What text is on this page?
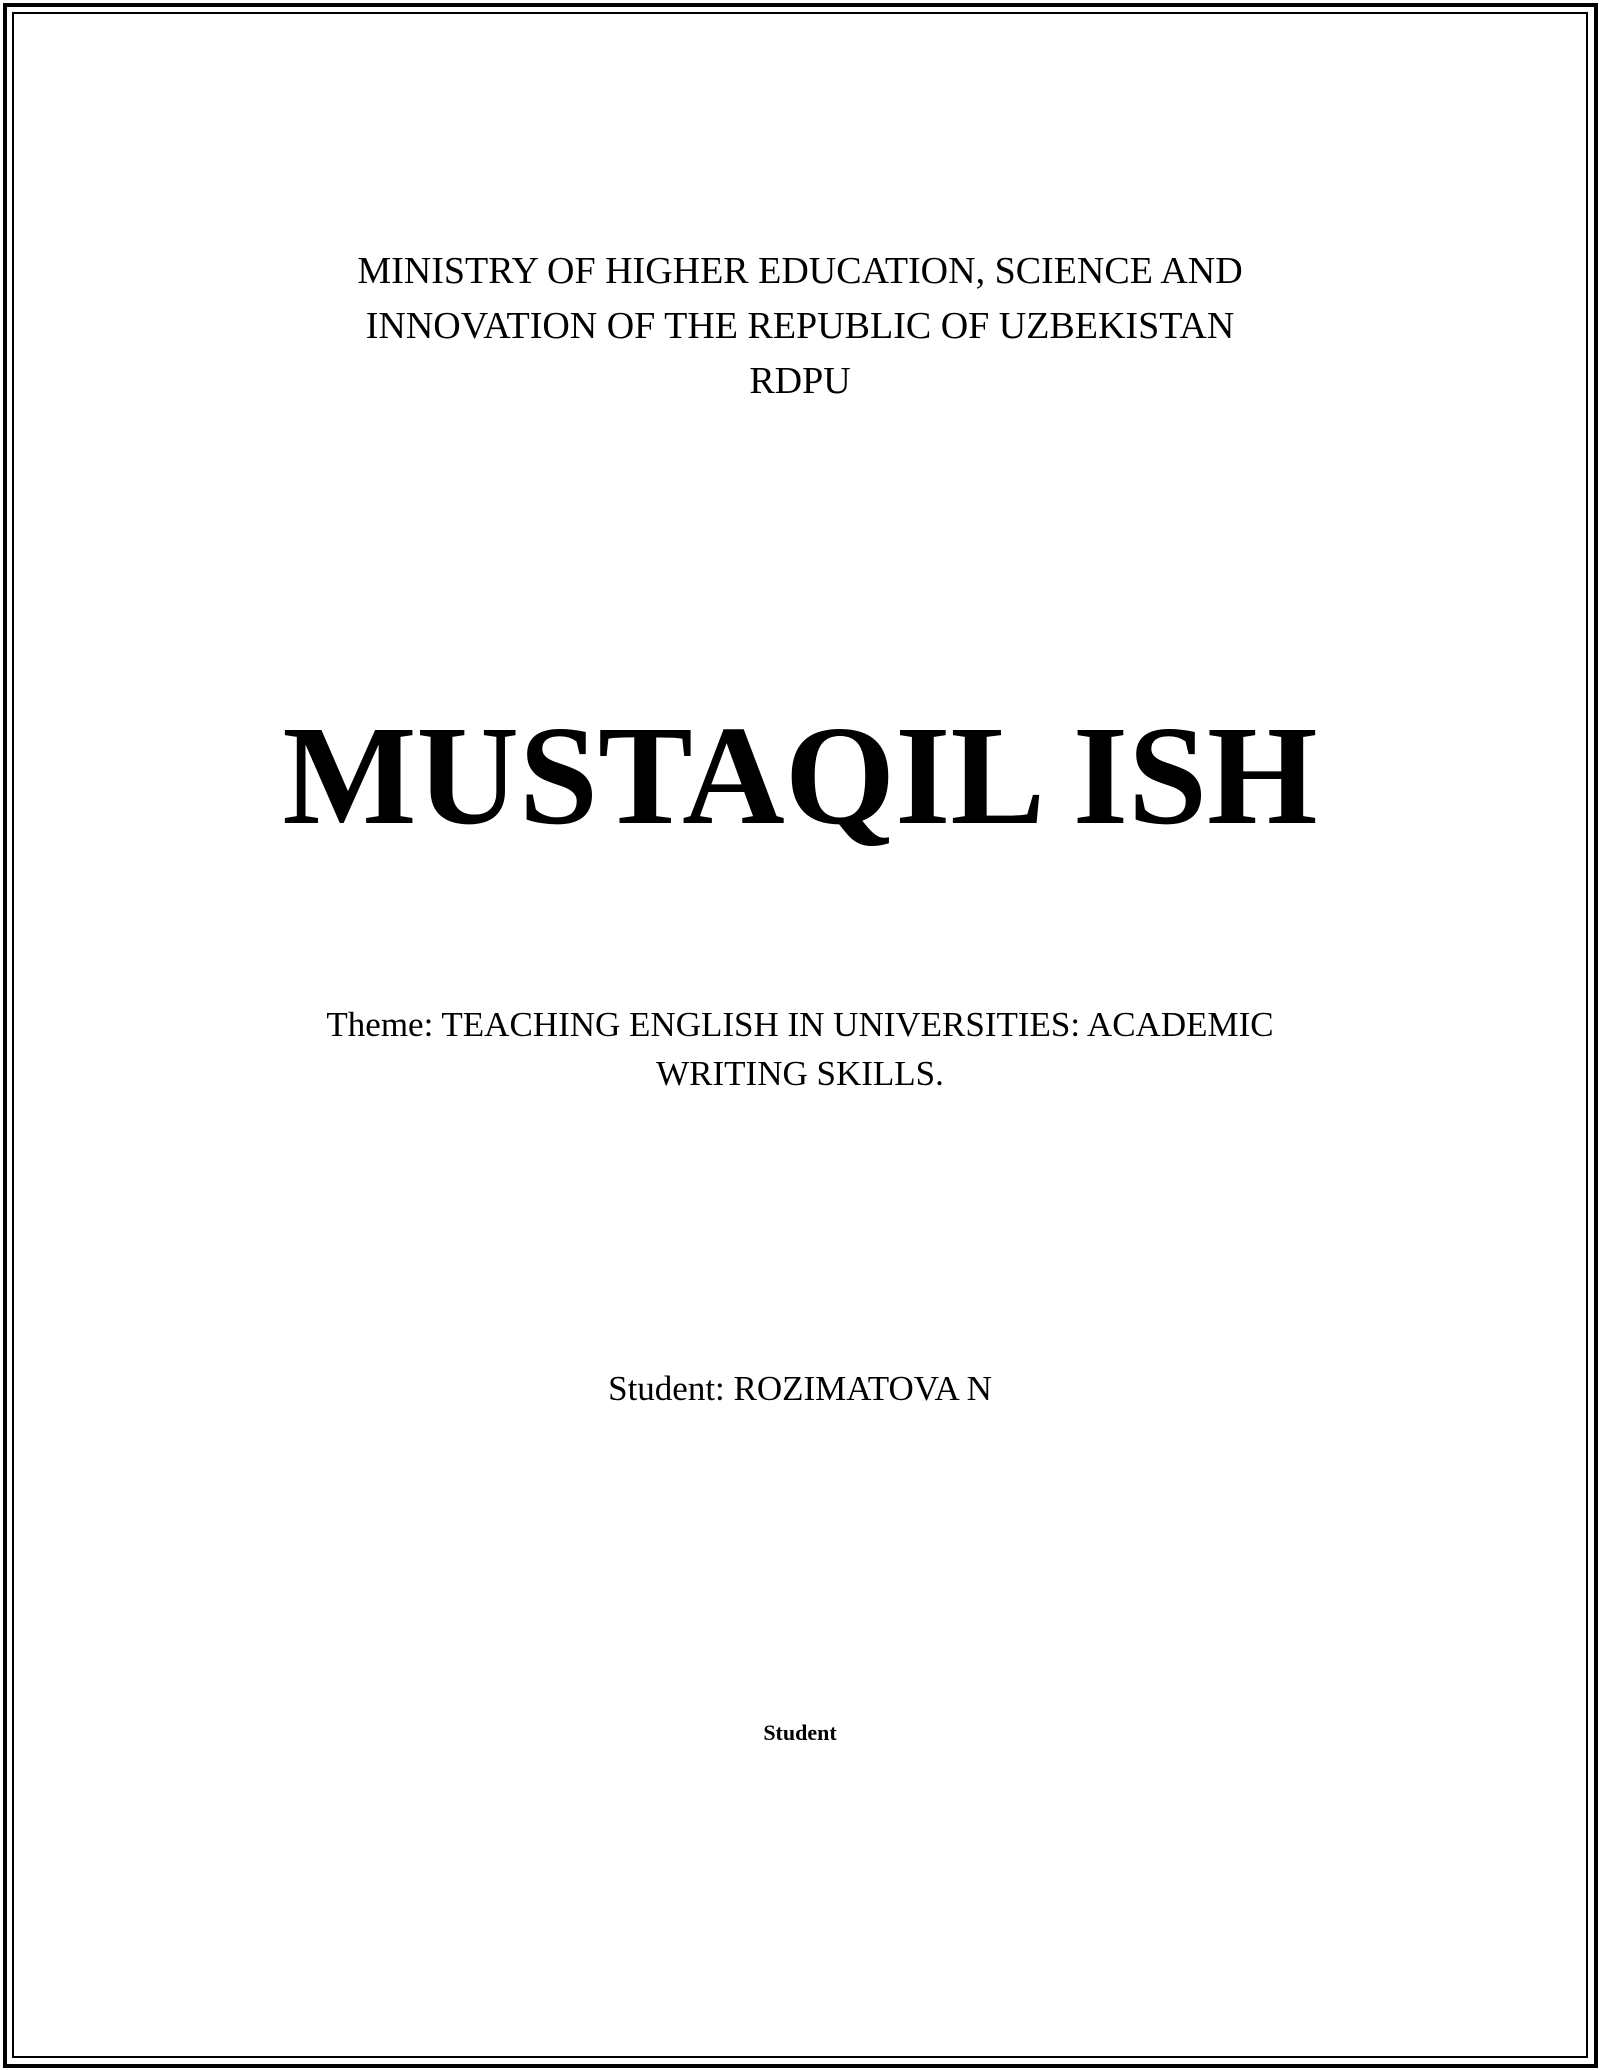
MINISTRY OF HIGHER EDUCATION, SCIENCE AND
INNOVATION OF THE REPUBLIC OF UZBEKISTAN
RDPU
MUSTAQIL ISH
Theme: TEACHING ENGLISH IN UNIVERSITIES: ACADEMIC
WRITING SKILLS.

Student: ROZIMATOVA N

Student
